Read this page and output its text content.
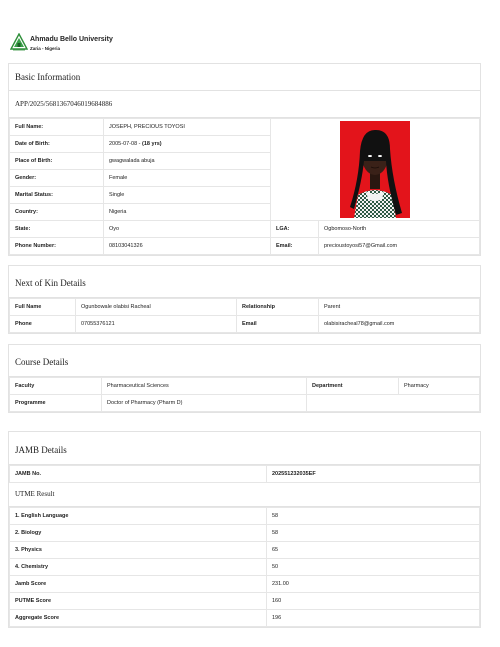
Ahmadu Bello University
Zaria - Nigeria
Basic Information
APP/2025/5681367046019684886
Full Name:	JOSEPH, PRECIOUS TOYOSI	

Date of Birth:	2005-07-08 - (18 yrs)		
Place of Birth:	gwagwalada abuja		
Gender:	Female		
Marital Status:	Single		
Country:	Nigeria		
State:	Oyo	LGA:	Ogbomoso-North
Phone Number:	08103041326	Email:	precioustoyosi57@Gmail.com
Next of Kin Details
Full Name	Ogunbowale olabisi Racheal	Relationship	Parent
Phone	07055376121	Email	olabisiracheal78@gmail.com
Course Details
Faculty	Pharmaceutical Sciences	Department	Pharmacy
Programme	Doctor of Pharmacy (Pharm D)		
JAMB Details
JAMB No.	202551232035EF
UTME Result
1. English Language	58
2. Biology	58
3. Physics	65
4. Chemistry	50
Jamb Score	231.00
PUTME Score	160
Aggregate Score	196
